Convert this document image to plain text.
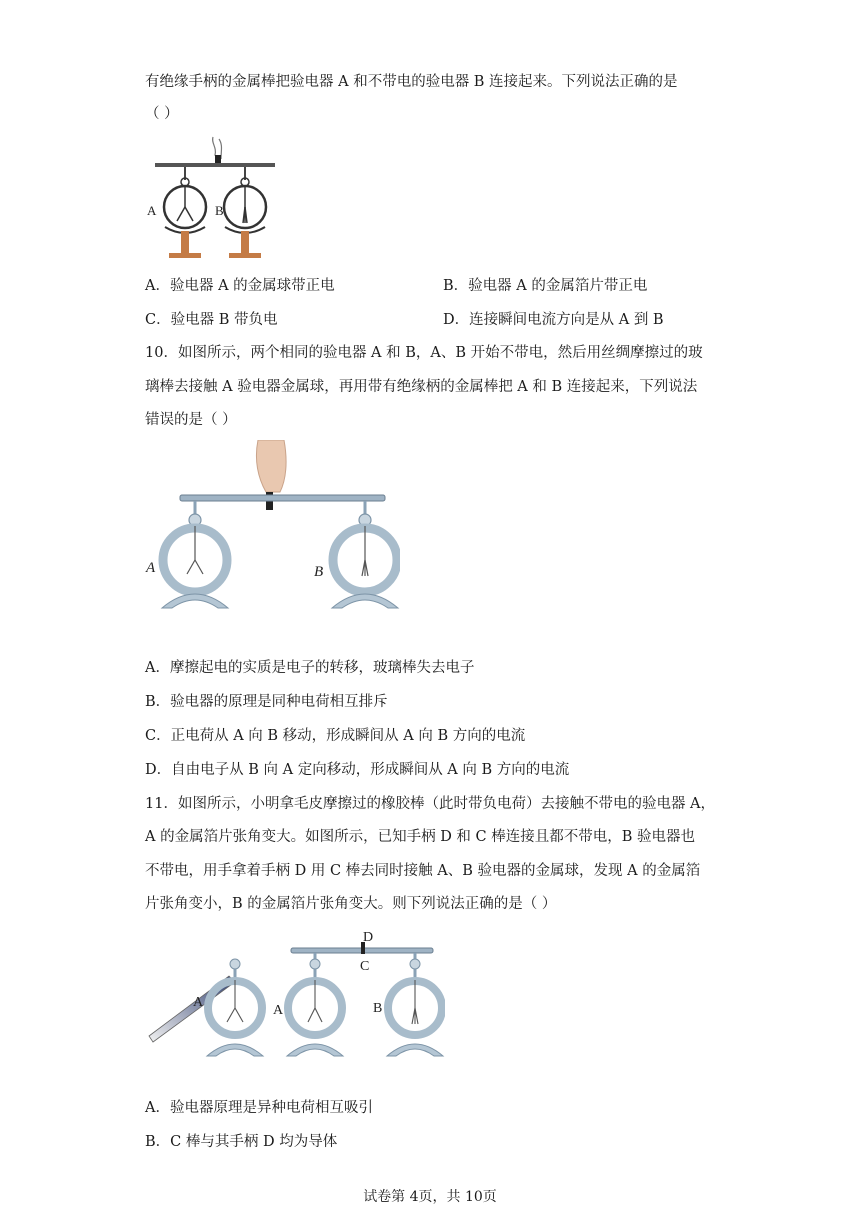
有绝缘手柄的金属棒把验电器 A 和不带电的验电器 B 连接起来。下列说法正确的是
（ ）
A	B
A．验电器 A 的金属球带正电	B．验电器 A 的金属箔片带正电
C．验电器 B 带负电	D．连接瞬间电流方向是从 A 到 B
10．如图所示，两个相同的验电器 A 和 B，A、B 开始不带电，然后用丝绸摩擦过的玻
璃棒去接触 A 验电器金属球，再用带有绝缘柄的金属棒把 A 和 B 连接起来，下列说法
错误的是（ ）
A	B
A．摩擦起电的实质是电子的转移，玻璃棒失去电子
B．验电器的原理是同种电荷相互排斥
C．正电荷从 A 向 B 移动，形成瞬间从 A 向 B 方向的电流
D．自由电子从 B 向 A 定向移动，形成瞬间从 A 向 B 方向的电流
11．如图所示，小明拿毛皮摩擦过的橡胶棒（此时带负电荷）去接触不带电的验电器 A，
A 的金属箔片张角变大。如图所示，已知手柄 D 和 C 棒连接且都不带电，B 验电器也
不带电，用手拿着手柄 D 用 C 棒去同时接触 A、B 验电器的金属球，发现 A 的金属箔
片张角变小，B 的金属箔片张角变大。则下列说法正确的是（ ）
A
A	B
D
C
A．验电器原理是异种电荷相互吸引
B．C 棒与其手柄 D 均为导体
试卷第 4页，共 10页
